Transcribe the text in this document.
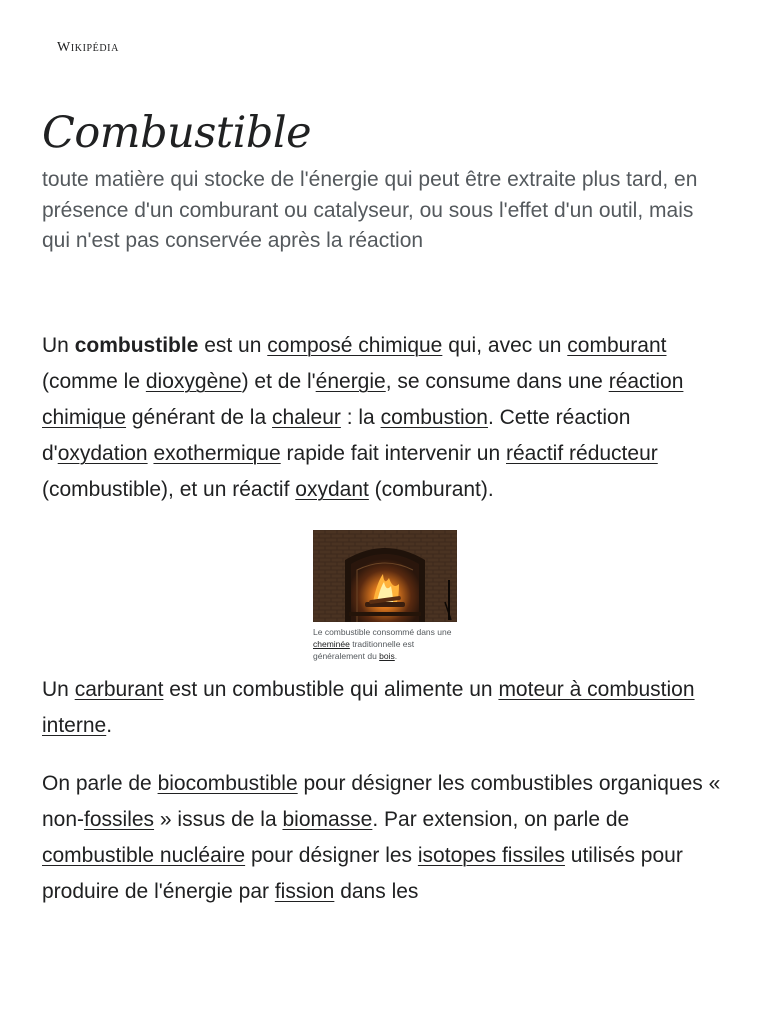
Wikipédia
Combustible

toute matière qui stocke de l'énergie qui peut être extraite plus tard, en présence d'un comburant ou catalyseur, ou sous l'effet d'un outil, mais qui n'est pas conservée après la réaction

Un combustible est un composé chimique qui, avec un comburant (comme le dioxygène) et de l'énergie, se consume dans une réaction chimique générant de la chaleur : la combustion. Cette réaction d'oxydation exothermique rapide fait intervenir un réactif réducteur (combustible), et un réactif oxydant (comburant).

Le combustible consommé dans une cheminée traditionnelle est généralement du bois.

Un carburant est un combustible qui alimente un moteur à combustion interne.

On parle de biocombustible pour désigner les combustibles organiques « non-fossiles » issus de la biomasse. Par extension, on parle de combustible nucléaire pour désigner les isotopes fissiles utilisés pour produire de l'énergie par fission dans les
